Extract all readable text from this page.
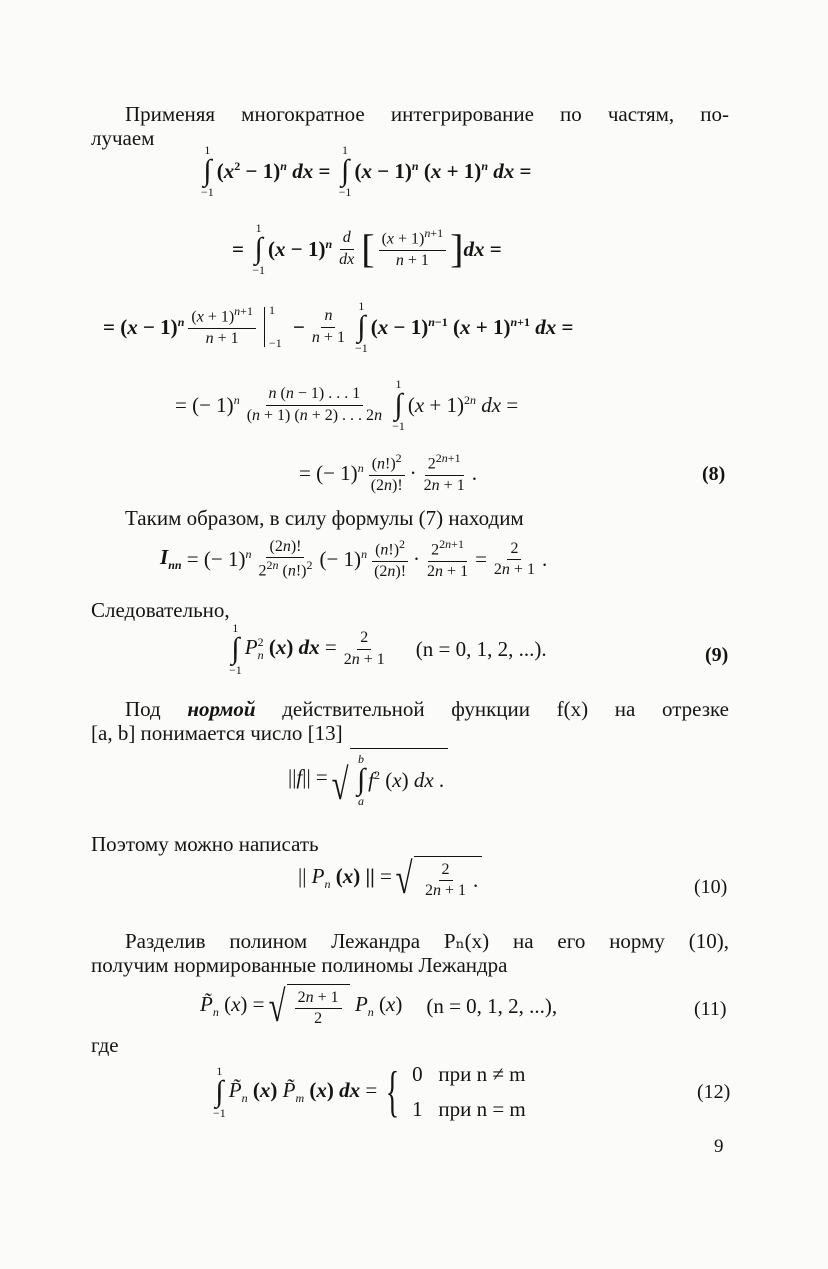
Применяя многократное интегрирование по частям, по-
лучаем	1
∫
−1
$(x^2 - 1)^n$ dx =
1
∫
−1
$(x - 1)^n$ $(x + 1)^n$ dx =
=
1
∫
−1
$(x - 1)^n \frac{d}{dx}$ [ $\frac{(x + 1)^{n+1}}{n + 1}$ ] dx =
= $(x - 1)^n \frac{(x + 1)^{n+1}}{n + 1} 1$
−1
− $\frac{n}{n + 1}$
1
∫
−1
$(x - 1)^{n-1}$ $(x + 1)^{n+1}$ dx =
= (− $1)^n \frac{n (n - 1) . . . 1}{(n + 1) (n + 2) . . . 2n}$
1
∫
−1
$(x + 1)^{2n}$ dx =
= (− $1)^n \frac{(n!)^2}{(2n)!} \cdot \frac{2^{2n+1}}{2n + 1}$ .	(8)
Таким образом, в силу формулы (7) находим
$I_{nn}$ = (− $1)^n \frac{(2n)!}{2^{2n} (n!)^2}$ (− $1)^n \frac{(n!)^2}{(2n)!} \cdot \frac{2^{2n+1}}{2n + 1} = \frac{2}{2n + 1}$ .
Следовательно,
1
∫
−1
$P^2_n$ (x) dx = $\frac{2}{2n + 1} (n = 0$, 1, 2, ...).	(9)
Под нормой действительной функции f(x) на отрезке
[a, b] понимается число [13]
||f|| = √
b
∫
a
$f^2$ (x) dx .
Поэтому можно написать
|| $P_n$ (x) || = √ $\frac{2}{2n + 1}$ .	(10)
Разделив полином Лежандра Pₙ(x) на его норму (10),
получим нормированные полиномы Лежандра
$P̃_n$ (x) = √ $\frac{2n + 1}{2} P_n$ (x) (n = 0, 1, 2, ...),	(11)
где
1
∫
−1
$P̃_n$ (x) $P̃_m$ (x) dx = { 0 при n ≠ m
1 при n = m
(12)
9
